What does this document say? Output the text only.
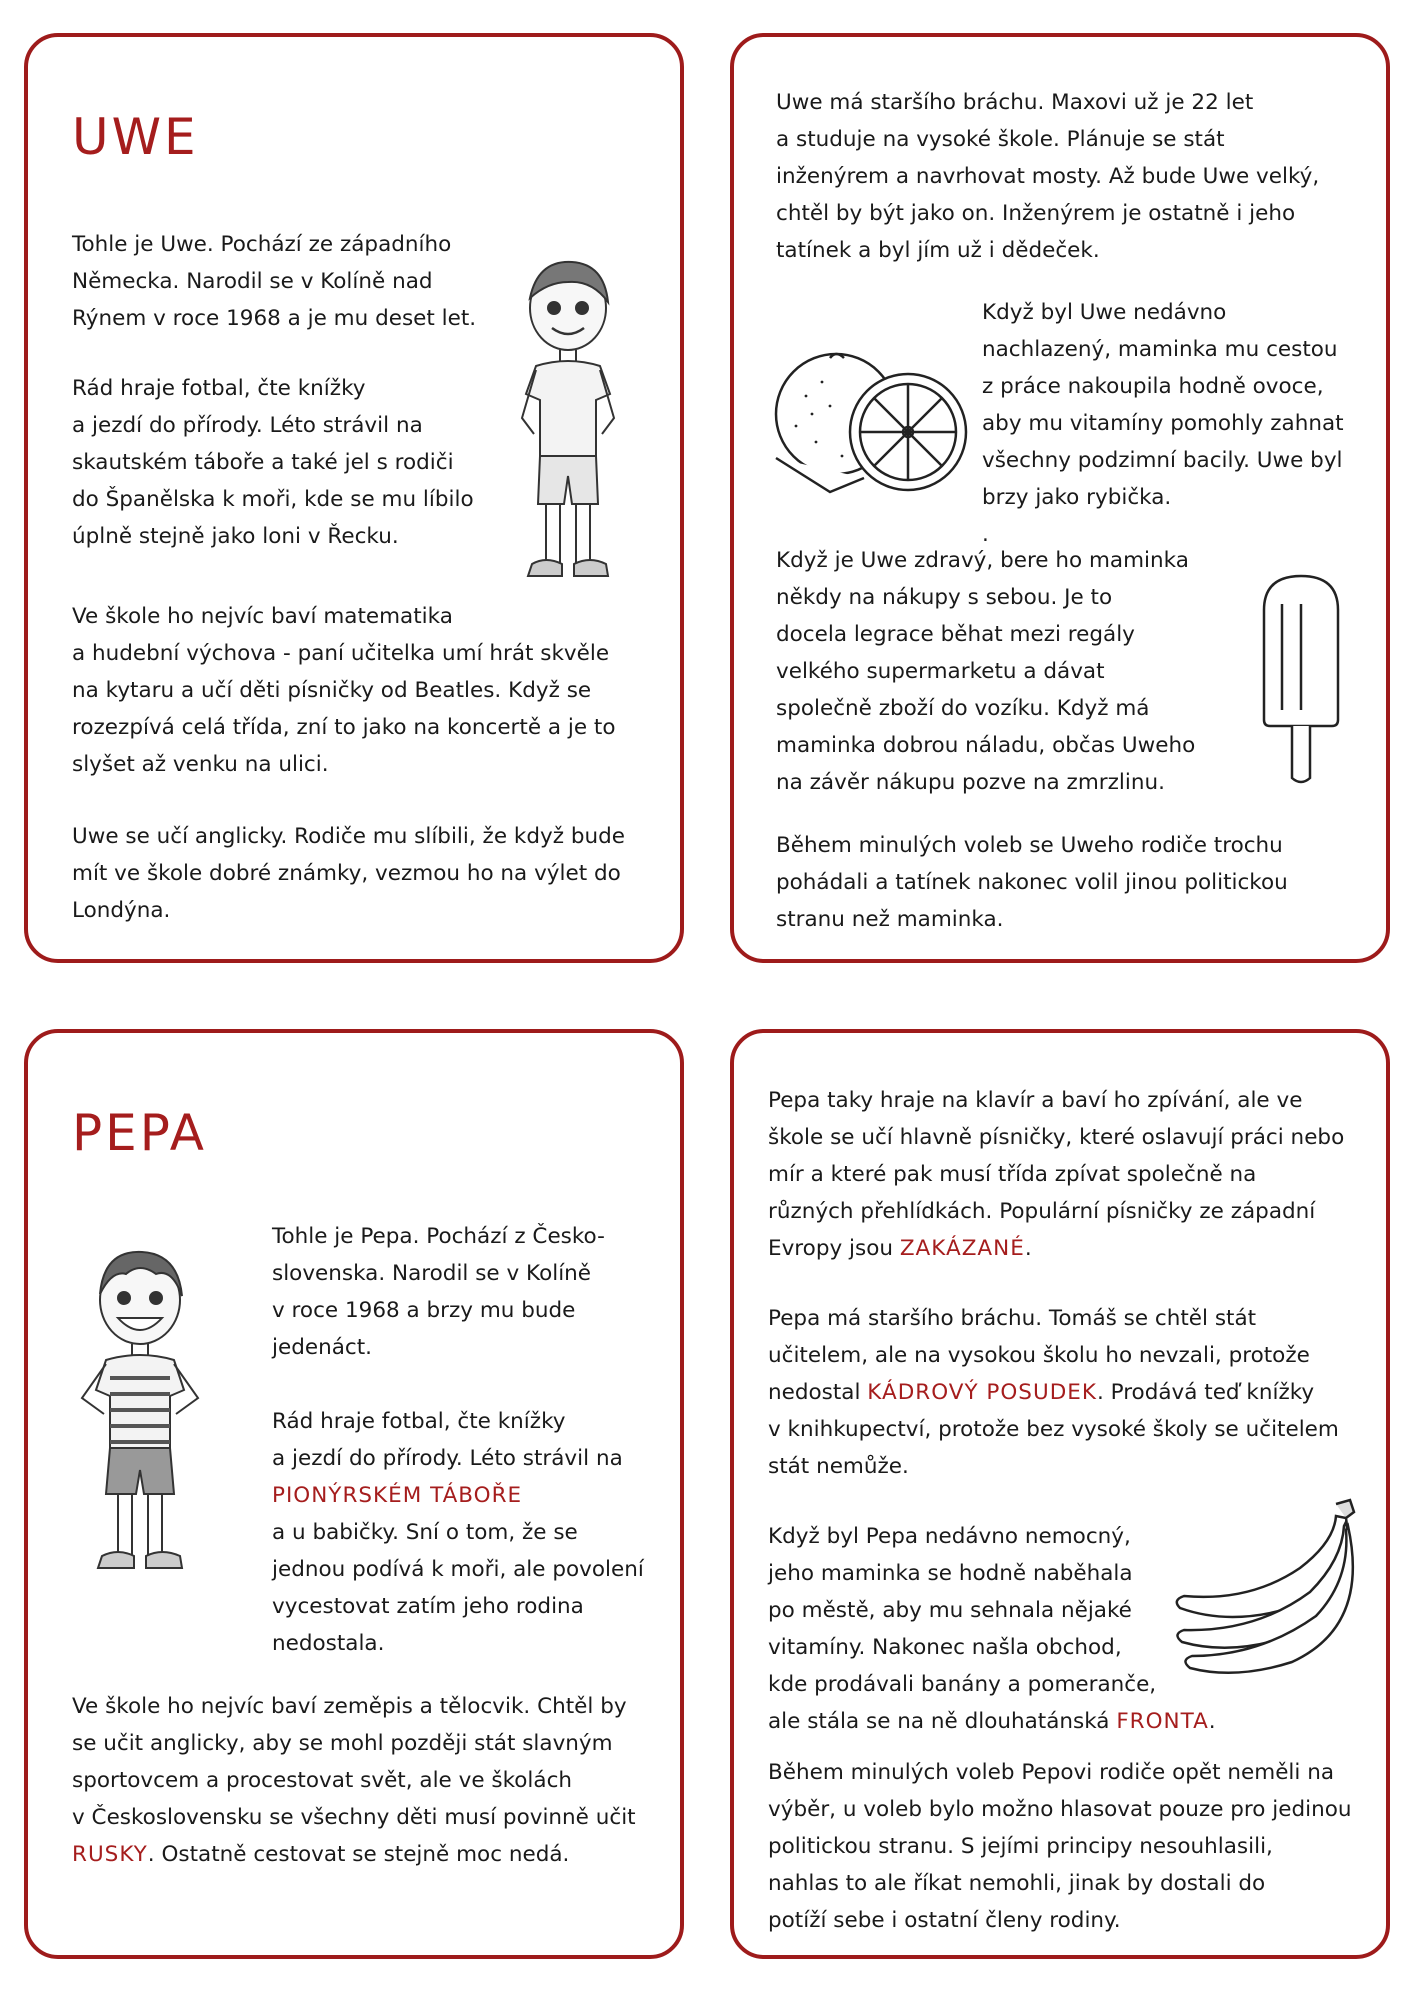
UWE
Tohle je Uwe. Pochází ze západního
Německa. Narodil se v Kolíně nad
Rýnem v roce 1968 a je mu deset let.
Rád hraje fotbal, čte knížky
a jezdí do přírody. Léto strávil na
skautském táboře a také jel s rodiči
do Španělska k moři, kde se mu líbilo
úplně stejně jako loni v Řecku.
Ve škole ho nejvíc baví matematika
a hudební výchova - paní učitelka umí hrát skvěle
na kytaru a učí děti písničky od Beatles. Když se
rozezpívá celá třída, zní to jako na koncertě a je to
slyšet až venku na ulici.
Uwe se učí anglicky. Rodiče mu slíbili, že když bude
mít ve škole dobré známky, vezmou ho na výlet do
Londýna.
Uwe má staršího bráchu. Maxovi už je 22 let
a studuje na vysoké škole. Plánuje se stát
inženýrem a navrhovat mosty. Až bude Uwe velký,
chtěl by být jako on. Inženýrem je ostatně i jeho
tatínek a byl jím už i dědeček.
Když byl Uwe nedávno
nachlazený, maminka mu cestou
z práce nakoupila hodně ovoce,
aby mu vitamíny pomohly zahnat
všechny podzimní bacily. Uwe byl
brzy jako rybička.
.
Když je Uwe zdravý, bere ho maminka
někdy na nákupy s sebou. Je to
docela legrace běhat mezi regály
velkého supermarketu a dávat
společně zboží do vozíku. Když má
maminka dobrou náladu, občas Uweho
na závěr nákupu pozve na zmrzlinu.
Během minulých voleb se Uweho rodiče trochu
pohádali a tatínek nakonec volil jinou politickou
stranu než maminka.
PEPA
Tohle je Pepa. Pochází z Česko-
slovenska. Narodil se v Kolíně
v roce 1968 a brzy mu bude
jedenáct.
Rád hraje fotbal, čte knížky
a jezdí do přírody. Léto strávil na
PIONÝRSKÉM TÁBOŘE
a u babičky. Sní o tom, že se
jednou podívá k moři, ale povolení
vycestovat zatím jeho rodina
nedostala.
Ve škole ho nejvíc baví zeměpis a tělocvik. Chtěl by
se učit anglicky, aby se mohl později stát slavným
sportovcem a procestovat svět, ale ve školách
v Československu se všechny děti musí povinně učit
RUSKY. Ostatně cestovat se stejně moc nedá.
Pepa taky hraje na klavír a baví ho zpívání, ale ve
škole se učí hlavně písničky, které oslavují práci nebo
mír a které pak musí třída zpívat společně na
různých přehlídkách. Populární písničky ze západní
Evropy jsou ZAKÁZANÉ.
Pepa má staršího bráchu. Tomáš se chtěl stát
učitelem, ale na vysokou školu ho nevzali, protože
nedostal KÁDROVÝ POSUDEK. Prodává teď knížky
v knihkupectví, protože bez vysoké školy se učitelem
stát nemůže.
Když byl Pepa nedávno nemocný,
jeho maminka se hodně naběhala
po městě, aby mu sehnala nějaké
vitamíny. Nakonec našla obchod,
kde prodávali banány a pomeranče,
ale stála se na ně dlouhatánská FRONTA.
Během minulých voleb Pepovi rodiče opět neměli na
výběr, u voleb bylo možno hlasovat pouze pro jedinou
politickou stranu. S jejími principy nesouhlasili,
nahlas to ale říkat nemohli, jinak by dostali do
potíží sebe i ostatní členy rodiny.
